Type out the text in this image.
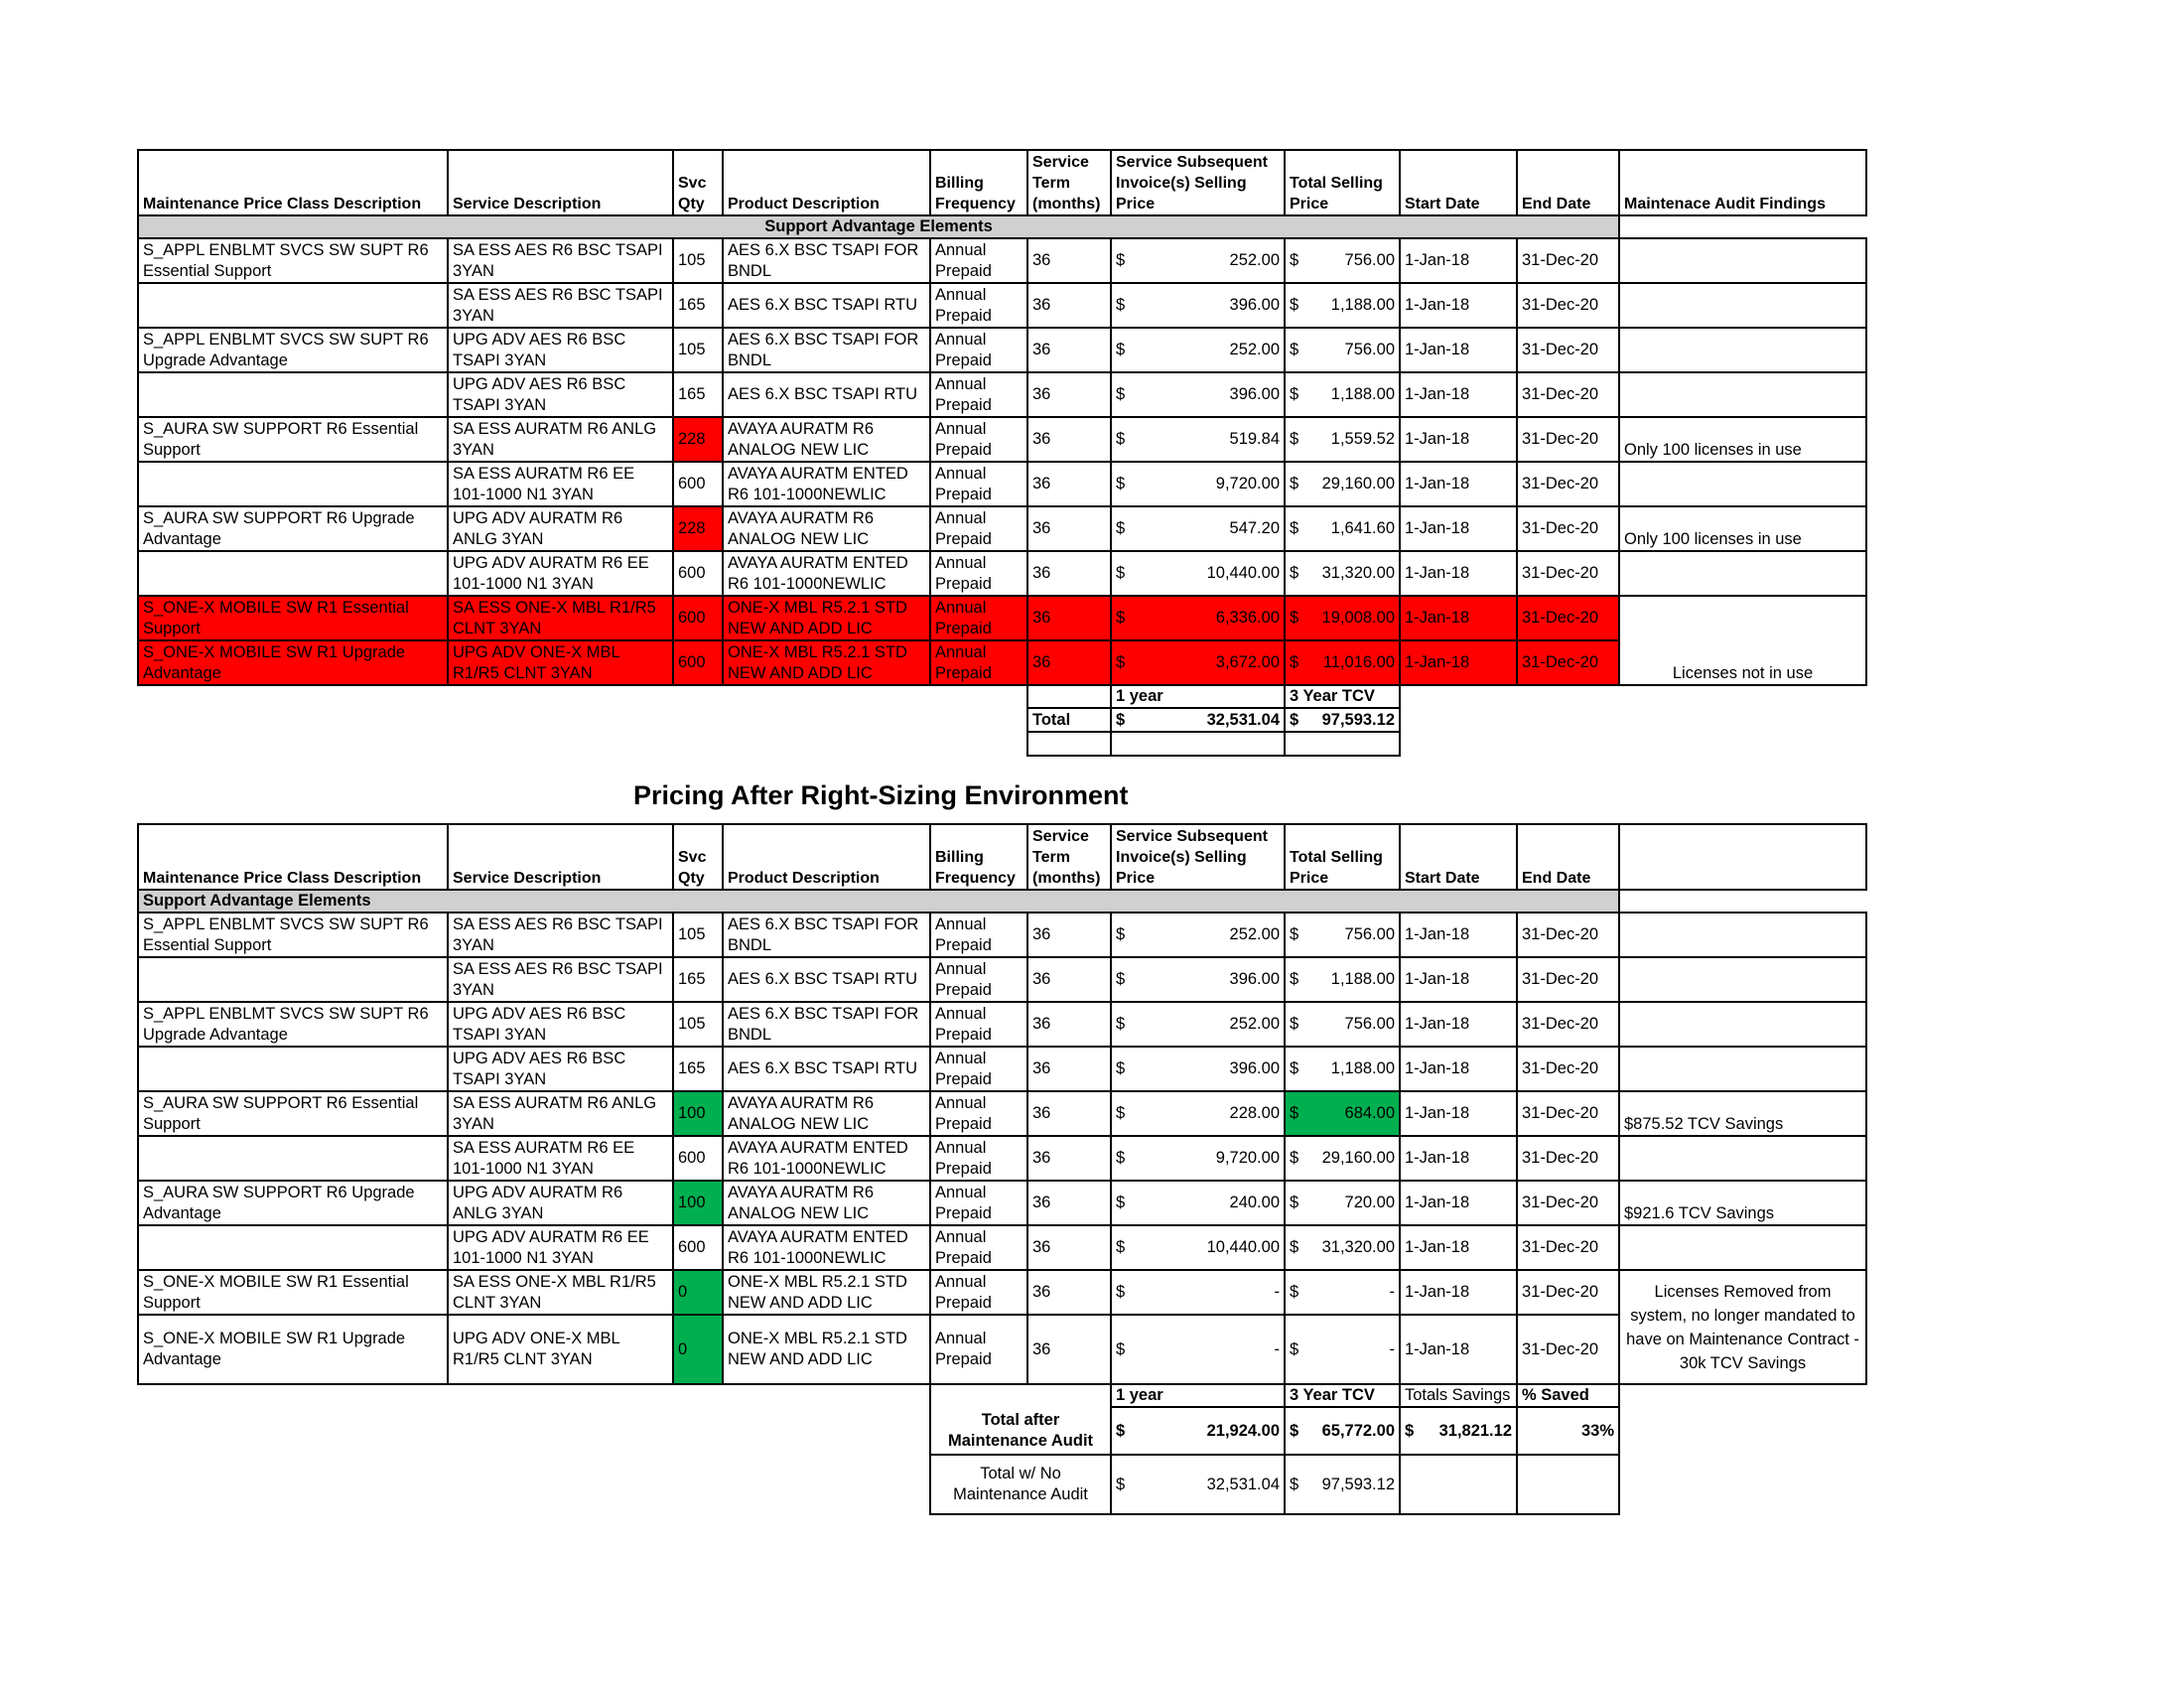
Maintenance Price Class Description	Service Description	Svc Qty	Product Description	Billing Frequency	Service Term (months)	Service Subsequent Invoice(s) Selling Price	Total Selling Price	Start Date	End Date	Maintenace Audit Findings
Support Advantage Elements										
S_APPL ENBLMT SVCS SW SUPT R6 Essential Support	SA ESS AES R6 BSC TSAPI 3YAN	105	AES 6.X BSC TSAPI FOR BNDL	Annual Prepaid	36	$ 252.00	$ 756.00	1-Jan-18	31-Dec-20	
	SA ESS AES R6 BSC TSAPI 3YAN	165	AES 6.X BSC TSAPI RTU	Annual Prepaid	36	$ 396.00	$ 1,188.00	1-Jan-18	31-Dec-20	
S_APPL ENBLMT SVCS SW SUPT R6 Upgrade Advantage	UPG ADV AES R6 BSC TSAPI 3YAN	105	AES 6.X BSC TSAPI FOR BNDL	Annual Prepaid	36	$ 252.00	$ 756.00	1-Jan-18	31-Dec-20	
	UPG ADV AES R6 BSC TSAPI 3YAN	165	AES 6.X BSC TSAPI RTU	Annual Prepaid	36	$ 396.00	$ 1,188.00	1-Jan-18	31-Dec-20	
S_AURA SW SUPPORT R6 Essential Support	SA ESS AURATM R6 ANLG 3YAN	228	AVAYA AURATM R6 ANALOG NEW LIC	Annual Prepaid	36	$ 519.84	$ 1,559.52	1-Jan-18	31-Dec-20	Only 100 licenses in use
	SA ESS AURATM R6 EE 101-1000 N1 3YAN	600	AVAYA AURATM ENTED R6 101-1000NEWLIC	Annual Prepaid	36	$ 9,720.00	$ 29,160.00	1-Jan-18	31-Dec-20	
S_AURA SW SUPPORT R6 Upgrade Advantage	UPG ADV AURATM R6 ANLG 3YAN	228	AVAYA AURATM R6 ANALOG NEW LIC	Annual Prepaid	36	$ 547.20	$ 1,641.60	1-Jan-18	31-Dec-20	Only 100 licenses in use
	UPG ADV AURATM R6 EE 101-1000 N1 3YAN	600	AVAYA AURATM ENTED R6 101-1000NEWLIC	Annual Prepaid	36	$ 10,440.00	$ 31,320.00	1-Jan-18	31-Dec-20	
S_ONE-X MOBILE SW R1 Essential Support	SA ESS ONE-X MBL R1/R5 CLNT 3YAN	600	ONE-X MBL R5.2.1 STD NEW AND ADD LIC	Annual Prepaid	36	$ 6,336.00	$ 19,008.00	1-Jan-18	31-Dec-20	Licenses not in use
S_ONE-X MOBILE SW R1 Upgrade Advantage	UPG ADV ONE-X MBL R1/R5 CLNT 3YAN	600	ONE-X MBL R5.2.1 STD NEW AND ADD LIC	Annual Prepaid	36	$ 3,672.00	$ 11,016.00	1-Jan-18	31-Dec-20	
						1 year	3 Year TCV			
					Total	$ 32,531.04	$ 97,593.12			

Pricing After Right-Sizing Environment
Maintenance Price Class Description	Service Description	Svc Qty	Product Description	Billing Frequency	Service Term (months)	Service Subsequent Invoice(s) Selling Price	Total Selling Price	Start Date	End Date	
Support Advantage Elements										
S_APPL ENBLMT SVCS SW SUPT R6 Essential Support	SA ESS AES R6 BSC TSAPI 3YAN	105	AES 6.X BSC TSAPI FOR BNDL	Annual Prepaid	36	$ 252.00	$ 756.00	1-Jan-18	31-Dec-20	
	SA ESS AES R6 BSC TSAPI 3YAN	165	AES 6.X BSC TSAPI RTU	Annual Prepaid	36	$ 396.00	$ 1,188.00	1-Jan-18	31-Dec-20	
S_APPL ENBLMT SVCS SW SUPT R6 Upgrade Advantage	UPG ADV AES R6 BSC TSAPI 3YAN	105	AES 6.X BSC TSAPI FOR BNDL	Annual Prepaid	36	$ 252.00	$ 756.00	1-Jan-18	31-Dec-20	
	UPG ADV AES R6 BSC TSAPI 3YAN	165	AES 6.X BSC TSAPI RTU	Annual Prepaid	36	$ 396.00	$ 1,188.00	1-Jan-18	31-Dec-20	
S_AURA SW SUPPORT R6 Essential Support	SA ESS AURATM R6 ANLG 3YAN	100	AVAYA AURATM R6 ANALOG NEW LIC	Annual Prepaid	36	$ 228.00	$ 684.00	1-Jan-18	31-Dec-20	$875.52 TCV Savings
	SA ESS AURATM R6 EE 101-1000 N1 3YAN	600	AVAYA AURATM ENTED R6 101-1000NEWLIC	Annual Prepaid	36	$ 9,720.00	$ 29,160.00	1-Jan-18	31-Dec-20	
S_AURA SW SUPPORT R6 Upgrade Advantage	UPG ADV AURATM R6 ANLG 3YAN	100	AVAYA AURATM R6 ANALOG NEW LIC	Annual Prepaid	36	$ 240.00	$ 720.00	1-Jan-18	31-Dec-20	$921.6 TCV Savings
	UPG ADV AURATM R6 EE 101-1000 N1 3YAN	600	AVAYA AURATM ENTED R6 101-1000NEWLIC	Annual Prepaid	36	$ 10,440.00	$ 31,320.00	1-Jan-18	31-Dec-20	
S_ONE-X MOBILE SW R1 Essential Support	SA ESS ONE-X MBL R1/R5 CLNT 3YAN	0	ONE-X MBL R5.2.1 STD NEW AND ADD LIC	Annual Prepaid	36	$ -	$ -	1-Jan-18	31-Dec-20	Licenses Removed from system, no longer mandated to have on Maintenance Contract - 30k TCV Savings
S_ONE-X MOBILE SW R1 Upgrade Advantage	UPG ADV ONE-X MBL R1/R5 CLNT 3YAN	0	ONE-X MBL R5.2.1 STD NEW AND ADD LIC	Annual Prepaid	36	$ -	$ -	1-Jan-18	31-Dec-20	
						1 year	3 Year TCV	Totals Savings	% Saved	
				Total after Maintenance Audit		$ 21,924.00	$ 65,772.00	$ 31,821.12	33%	
				Total w/ No Maintenance Audit		$ 32,531.04	$ 97,593.12			
